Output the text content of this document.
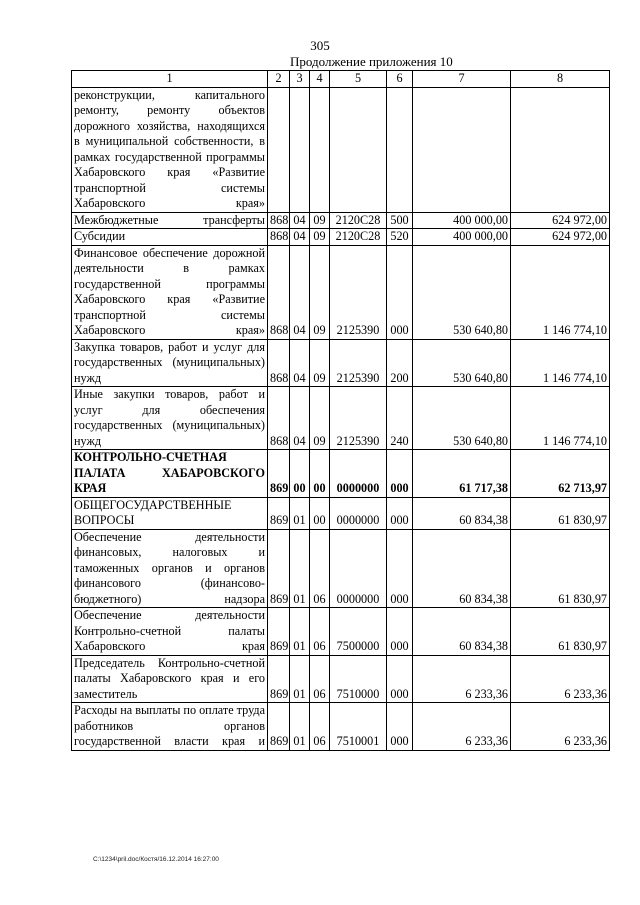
305
Продолжение приложения 10
1	2	3	4	5	6	7	8
реконструкции, капитального ремонту, ремонту объектов дорожного хозяйства, находящихся в муниципальной собственности, в рамках государственной программы Хабаровского края «Развитие транспортной системы Хабаровского края»							
Межбюджетные трансферты	868	04	09	2120С28	500	400 000,00	624 972,00
Субсидии	868	04	09	2120С28	520	400 000,00	624 972,00
Финансовое обеспечение дорожной деятельности в рамках государственной программы Хабаровского края «Развитие транспортной системы Хабаровского края»	868	04	09	2125390	000	530 640,80	1 146 774,10
Закупка товаров, работ и услуг для государственных (муниципальных) нужд	868	04	09	2125390	200	530 640,80	1 146 774,10
Иные закупки товаров, работ и услуг для обеспечения государственных (муниципальных) нужд	868	04	09	2125390	240	530 640,80	1 146 774,10
КОНТРОЛЬНО-СЧЕТНАЯ ПАЛАТА ХАБАРОВСКОГО КРАЯ	869	00	00	0000000	000	61 717,38	62 713,97
ОБЩЕГОСУДАРСТВЕННЫЕ ВОПРОСЫ	869	01	00	0000000	000	60 834,38	61 830,97
Обеспечение деятельности финансовых, налоговых и таможенных органов и органов финансового (финансово-бюджетного) надзора	869	01	06	0000000	000	60 834,38	61 830,97
Обеспечение деятельности Контрольно-счетной палаты Хабаровского края	869	01	06	7500000	000	60 834,38	61 830,97
Председатель Контрольно-счетной палаты Хабаровского края и его заместитель	869	01	06	7510000	000	6 233,36	6 233,36
Расходы на выплаты по оплате труда работников органов государственной власти края и	869	01	06	7510001	000	6 233,36	6 233,36
C:\1234\pril.doc/Костя/16.12.2014 16:27:00
